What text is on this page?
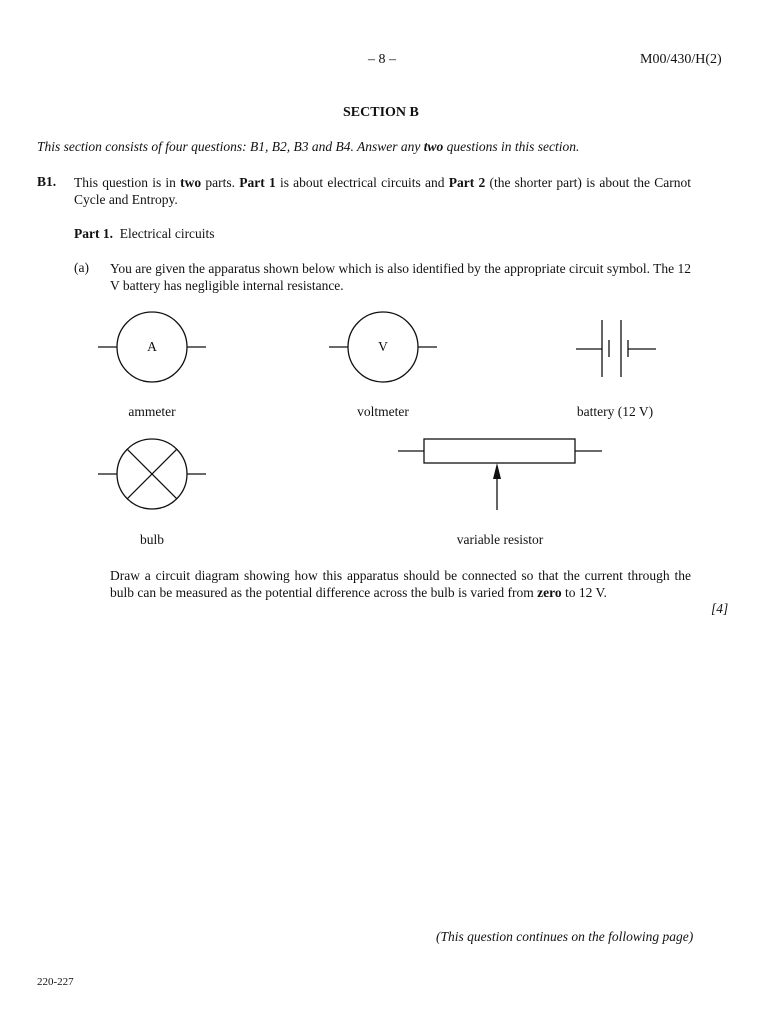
– 8 –	M00/430/H(2)
SECTION B
This section consists of four questions: B1, B2, B3 and B4. Answer any two questions in this section.
B1. This question is in two parts. Part 1 is about electrical circuits and Part 2 (the shorter part) is about the Carnot Cycle and Entropy.
Part 1. Electrical circuits
(a) You are given the apparatus shown below which is also identified by the appropriate circuit symbol. The 12 V battery has negligible internal resistance.
A	V
ammeter	voltmeter	battery (12 V)
bulb	variable resistor
Draw a circuit diagram showing how this apparatus should be connected so that the current through the bulb can be measured as the potential difference across the bulb is varied from zero to 12 V.
[4]
(This question continues on the following page)
220-227
